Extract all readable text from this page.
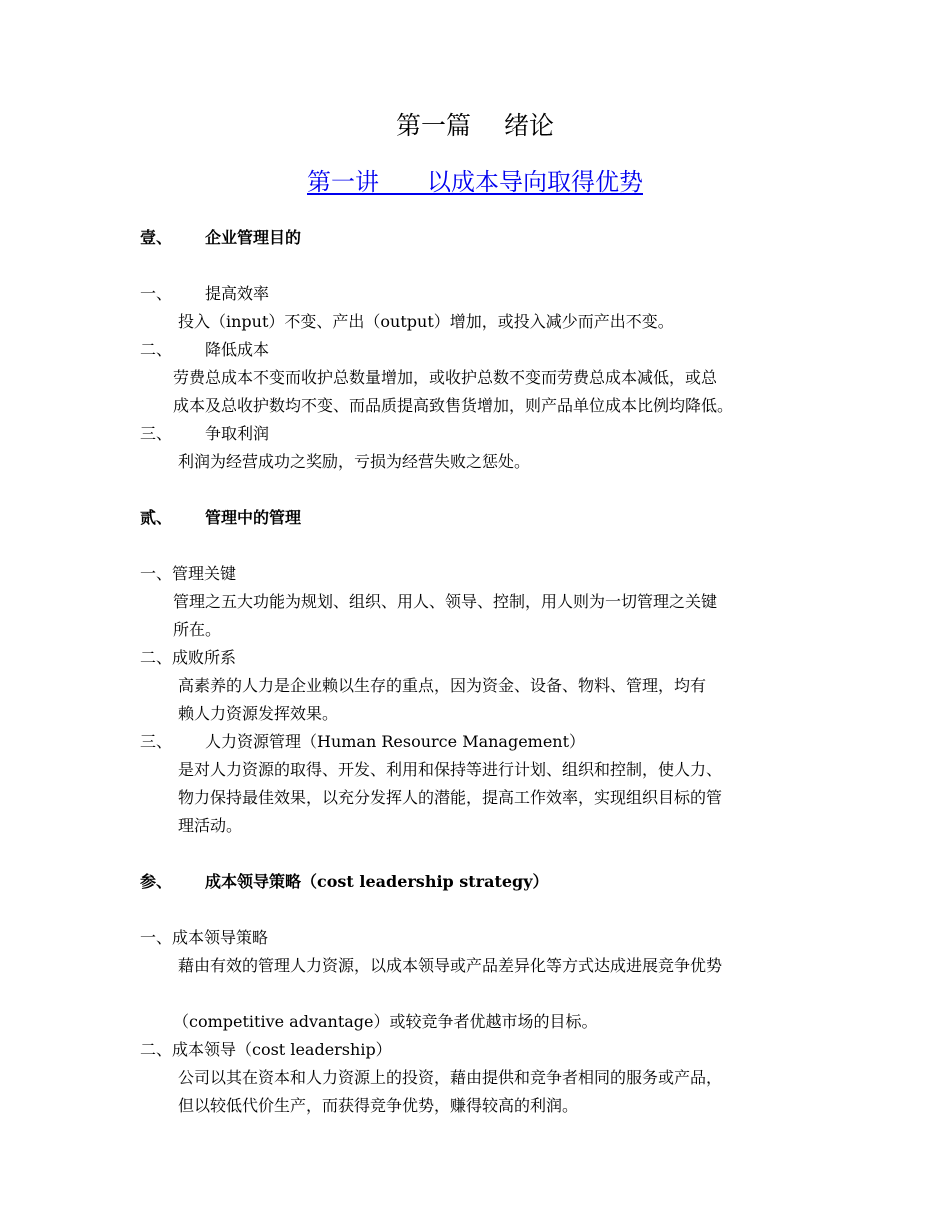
第一篇　 绪论
第一讲　　以成本导向取得优势
壹、 企业管理目的
一、 提高效率
投入（input）不变、产出（output）增加，或投入减少而产出不变。
二、 降低成本
劳费总成本不变而收护总数量增加，或收护总数不变而劳费总成本减低，或总
成本及总收护数均不变、而品质提高致售货增加，则产品单位成本比例均降低。
三、 争取利润
利润为经营成功之奖励，亏损为经营失败之惩处。
贰、 管理中的管理
一、管理关键
管理之五大功能为规划、组织、用人、领导、控制，用人则为一切管理之关键
所在。
二、成败所系
高素养的人力是企业赖以生存的重点，因为资金、设备、物料、管理，均有
赖人力资源发挥效果。
三、 人力资源管理（Human Resource Management）
是对人力资源的取得、开发、利用和保持等进行计划、组织和控制，使人力、
物力保持最佳效果，以充分发挥人的潜能，提高工作效率，实现组织目标的管
理活动。
参、 成本领导策略（cost leadership strategy）
一、成本领导策略
藉由有效的管理人力资源，以成本领导或产品差异化等方式达成进展竞争优势
（competitive advantage）或较竞争者优越市场的目标。
二、成本领导（cost leadership）
公司以其在资本和人力资源上的投资，藉由提供和竞争者相同的服务或产品，
但以较低代价生产，而获得竞争优势，赚得较高的利润。
